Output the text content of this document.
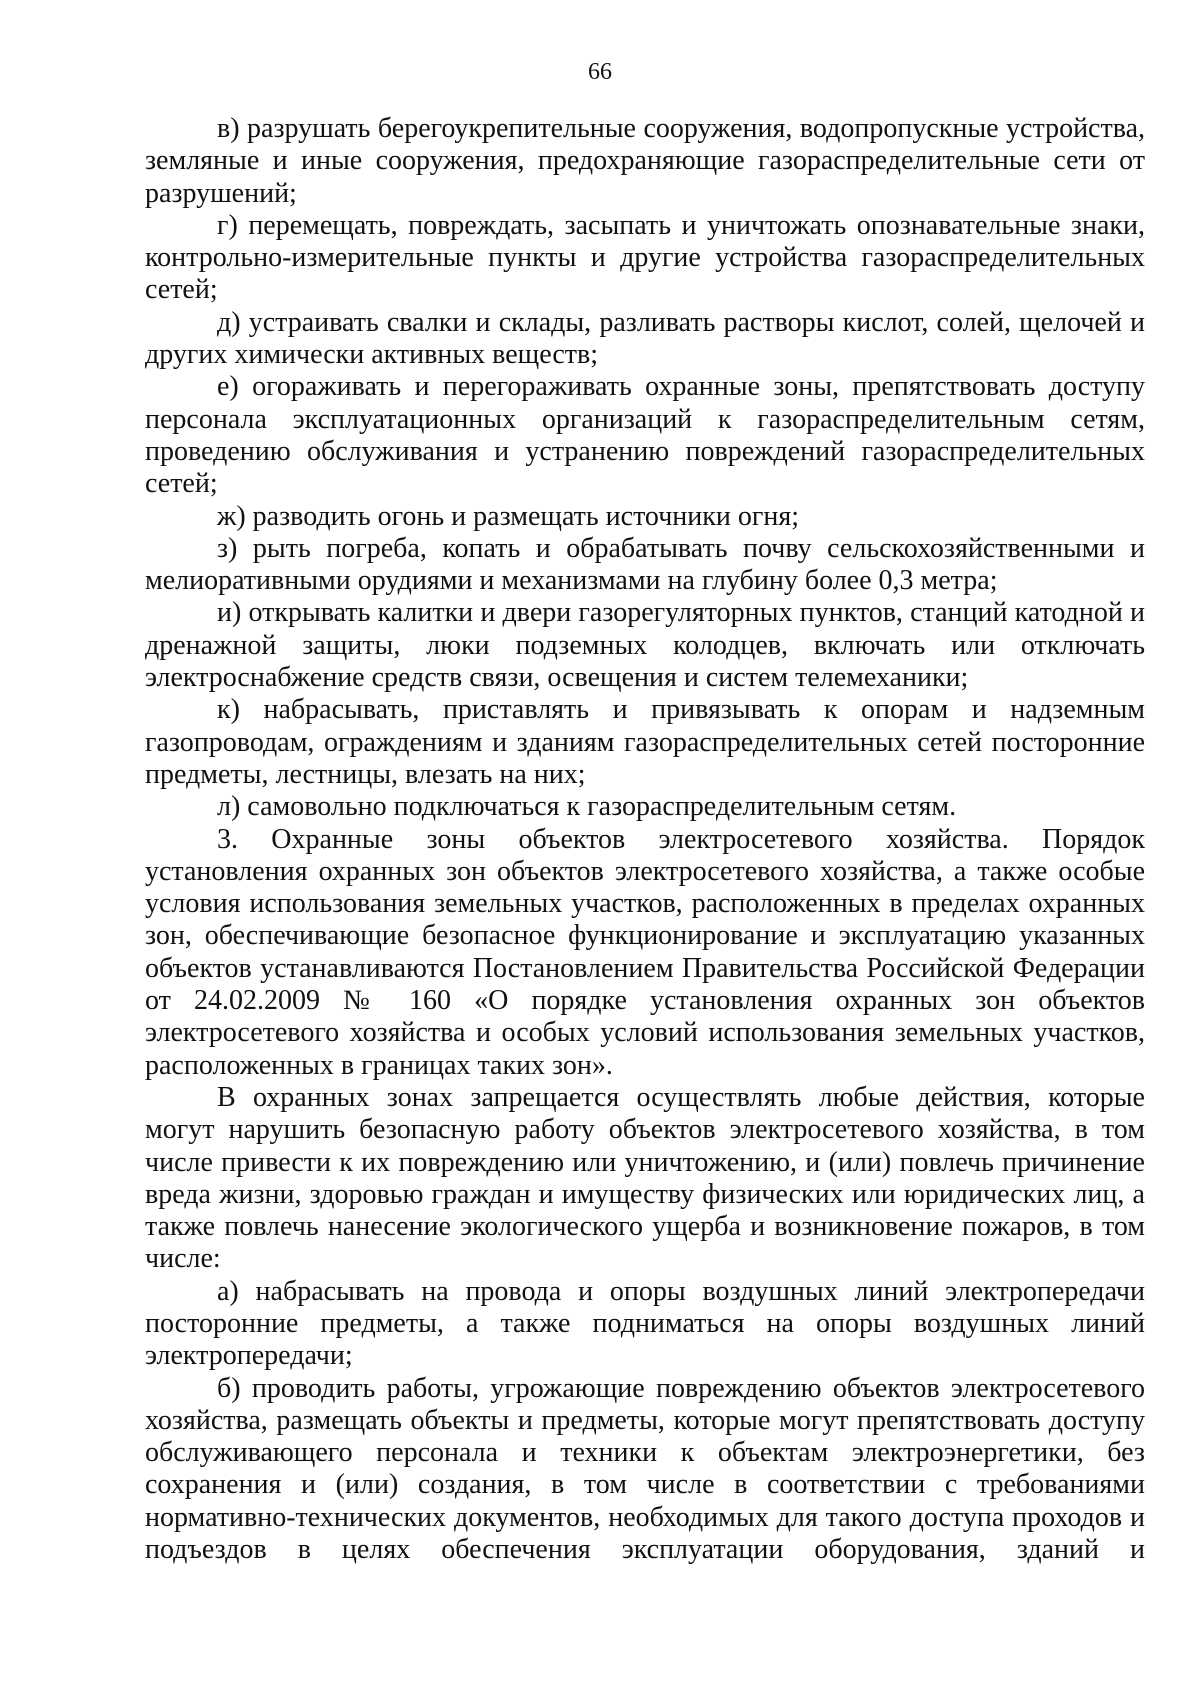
66

в) разрушать берегоукрепительные сооружения, водопропускные устройства, земляные и иные сооружения, предохраняющие газораспределительные сети от разрушений;

г) перемещать, повреждать, засыпать и уничтожать опознавательные знаки, контрольно-измерительные пункты и другие устройства газораспределительных сетей;

д) устраивать свалки и склады, разливать растворы кислот, солей, щелочей и других химически активных веществ;

е) огораживать и перегораживать охранные зоны, препятствовать доступу персонала эксплуатационных организаций к газораспределительным сетям, проведению обслуживания и устранению повреждений газораспределительных сетей;

ж) разводить огонь и размещать источники огня;

з) рыть погреба, копать и обрабатывать почву сельскохозяйственными и мелиоративными орудиями и механизмами на глубину более 0,3 метра;

и) открывать калитки и двери газорегуляторных пунктов, станций катодной и дренажной защиты, люки подземных колодцев, включать или отключать электроснабжение средств связи, освещения и систем телемеханики;

к) набрасывать, приставлять и привязывать к опорам и надземным газопроводам, ограждениям и зданиям газораспределительных сетей посторонние предметы, лестницы, влезать на них;

л) самовольно подключаться к газораспределительным сетям.

3. Охранные зоны объектов электросетевого хозяйства. Порядок установления охранных зон объектов электросетевого хозяйства, а также особые условия использования земельных участков, расположенных в пределах охранных зон, обеспечивающие безопасное функционирование и эксплуатацию указанных объектов устанавливаются Постановлением Правительства Российской Федерации от 24.02.2009 № 160 «О порядке установления охранных зон объектов электросетевого хозяйства и особых условий использования земельных участков, расположенных в границах таких зон».

В охранных зонах запрещается осуществлять любые действия, которые могут нарушить безопасную работу объектов электросетевого хозяйства, в том числе привести к их повреждению или уничтожению, и (или) повлечь причинение вреда жизни, здоровью граждан и имуществу физических или юридических лиц, а также повлечь нанесение экологического ущерба и возникновение пожаров, в том числе:

а) набрасывать на провода и опоры воздушных линий электропередачи посторонние предметы, а также подниматься на опоры воздушных линий электропередачи;

б) проводить работы, угрожающие повреждению объектов электросетевого хозяйства, размещать объекты и предметы, которые могут препятствовать доступу обслуживающего персонала и техники к объектам электроэнергетики, без сохранения и (или) создания, в том числе в соответствии с требованиями нормативно-технических документов, необходимых для такого доступа проходов и подъездов в целях обеспечения эксплуатации оборудования, зданий и
